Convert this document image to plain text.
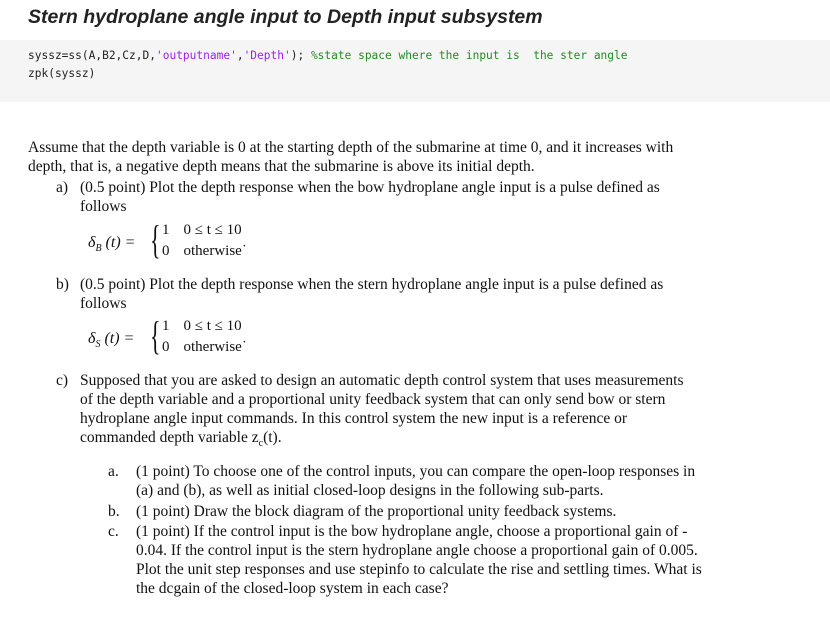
Stern hydroplane angle input to Depth input subsystem
syssz=ss(A,B2,Cz,D,'outputname','Depth'); %state space where the input is  the ster angle
zpk(syssz)
Assume that the depth variable is 0 at the starting depth of the submarine at time 0, and it increases with
depth, that is, a negative depth means that the submarine is above its initial depth.
a) (0.5 point) Plot the depth response when the bow hydroplane angle input is a pulse defined as
follows
$\delta_B$ (t) = { 1 0 ≤ t ≤ 10
0 otherwise˙
b) (0.5 point) Plot the depth response when the stern hydroplane angle input is a pulse defined as
follows
$\delta_S$ (t) = { 1 0 ≤ t ≤ 10
0 otherwise˙
c) Supposed that you are asked to design an automatic depth control system that uses measurements
of the depth variable and a proportional unity feedback system that can only send bow or stern
hydroplane angle input commands. In this control system the new input is a reference or
commanded depth variable $z_c(t)$.
a. (1 point) To choose one of the control inputs, you can compare the open-loop responses in
(a) and (b), as well as initial closed-loop designs in the following sub-parts.
b. (1 point) Draw the block diagram of the proportional unity feedback systems.
c. (1 point) If the control input is the bow hydroplane angle, choose a proportional gain of -
0.04. If the control input is the stern hydroplane angle choose a proportional gain of 0.005.
Plot the unit step responses and use stepinfo to calculate the rise and settling times. What is
the dcgain of the closed-loop system in each case?
